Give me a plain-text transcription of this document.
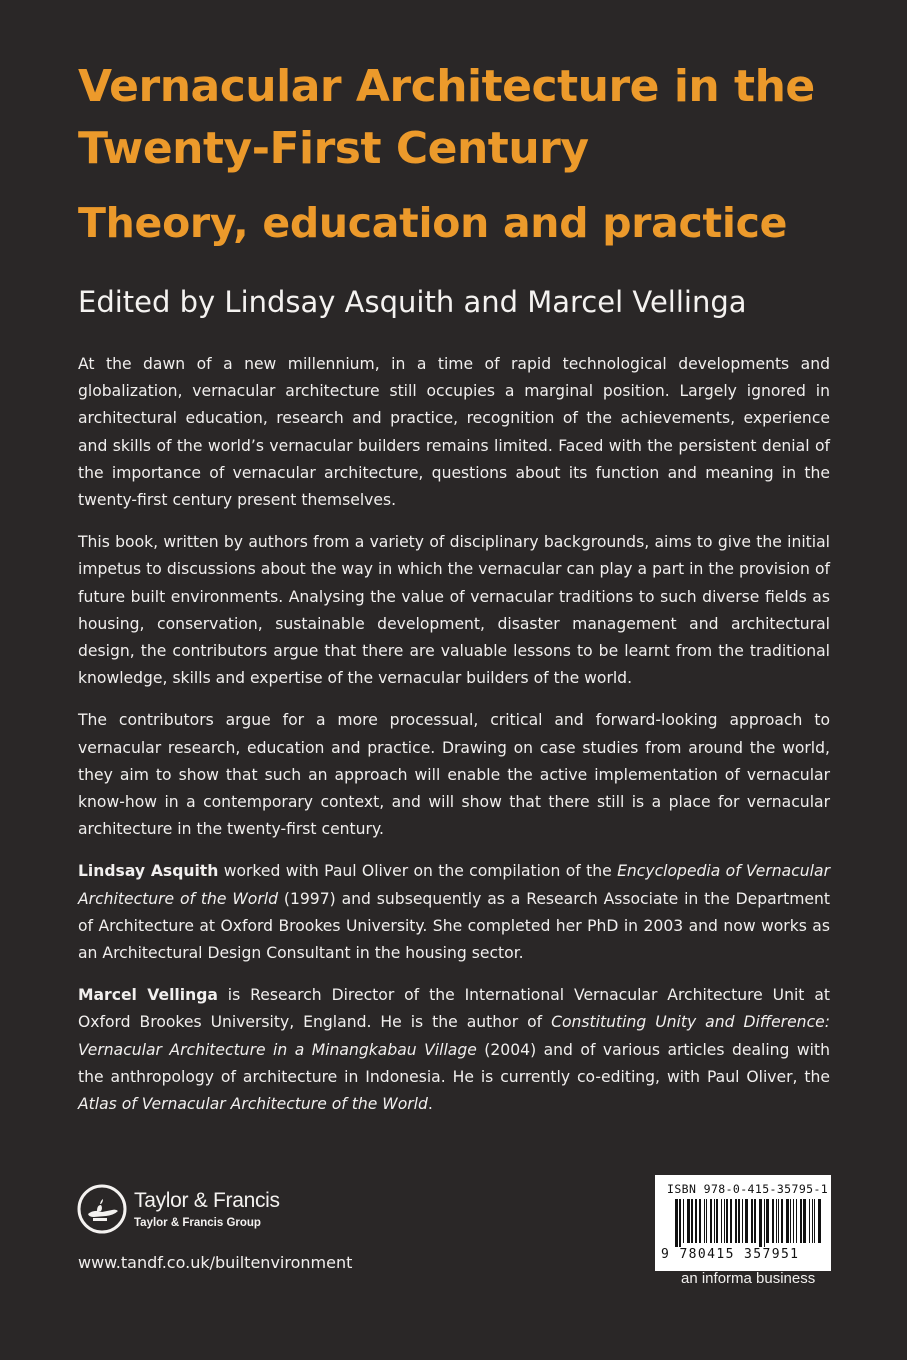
Vernacular Architecture in the Twenty-First Century
Theory, education and practice
Edited by Lindsay Asquith and Marcel Vellinga

At the dawn of a new millennium, in a time of rapid technological developments and globalization, vernacular architecture still occupies a marginal position. Largely ignored in architectural education, research and practice, recognition of the achievements, experience and skills of the world’s vernacular builders remains limited. Faced with the persistent denial of the importance of vernacular architecture, questions about its function and meaning in the twenty-first century present themselves.

This book, written by authors from a variety of disciplinary backgrounds, aims to give the initial impetus to discussions about the way in which the vernacular can play a part in the provision of future built environments. Analysing the value of vernacular traditions to such diverse fields as housing, conservation, sustainable development, disaster management and architectural design, the contributors argue that there are valuable lessons to be learnt from the traditional knowledge, skills and expertise of the vernacular builders of the world.

The contributors argue for a more processual, critical and forward-looking approach to vernacular research, education and practice. Drawing on case studies from around the world, they aim to show that such an approach will enable the active implementation of vernacular know-how in a contemporary context, and will show that there still is a place for vernacular architecture in the twenty-first century.

Lindsay Asquith worked with Paul Oliver on the compilation of the Encyclopedia of Vernacular Architecture of the World (1997) and subsequently as a Research Associate in the Department of Architecture at Oxford Brookes University. She completed her PhD in 2003 and now works as an Architectural Design Consultant in the housing sector.

Marcel Vellinga is Research Director of the International Vernacular Architecture Unit at Oxford Brookes University, England. He is the author of Constituting Unity and Difference: Vernacular Architecture in a Minangkabau Village (2004) and of various articles dealing with the anthropology of architecture in Indonesia. He is currently co-editing, with Paul Oliver, the Atlas of Vernacular Architecture of the World.

Taylor & Francis
Taylor & Francis Group
www.tandf.co.uk/builtenvironment
ISBN 978-0-415-35795-1
9 780415 357951
an informa business
